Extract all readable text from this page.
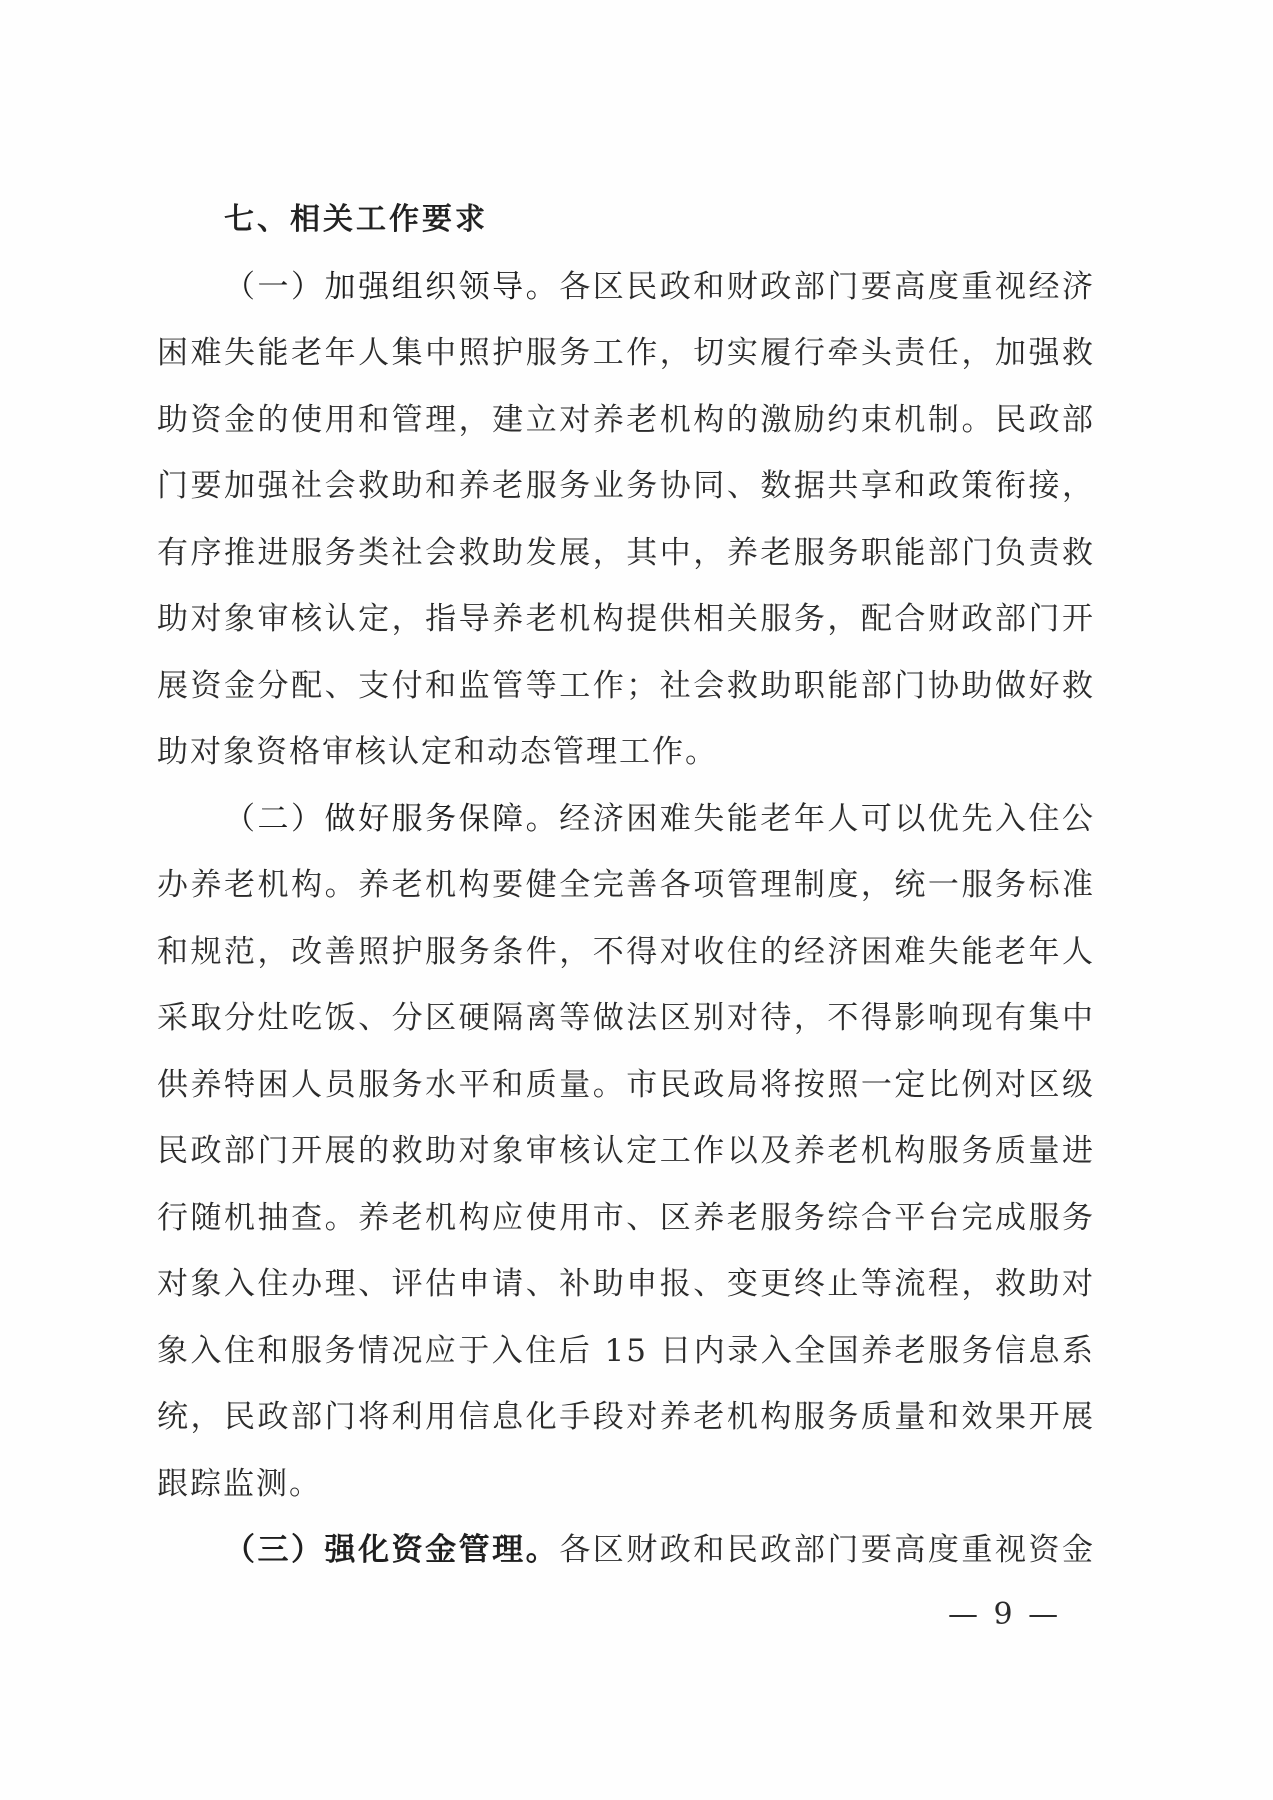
七、相关工作要求
（一）加强组织领导。各区民政和财政部门要高度重视经济
困难失能老年人集中照护服务工作，切实履行牵头责任，加强救
助资金的使用和管理，建立对养老机构的激励约束机制。民政部
门要加强社会救助和养老服务业务协同、数据共享和政策衔接，
有序推进服务类社会救助发展，其中，养老服务职能部门负责救
助对象审核认定，指导养老机构提供相关服务，配合财政部门开
展资金分配、支付和监管等工作；社会救助职能部门协助做好救
助对象资格审核认定和动态管理工作。
（二）做好服务保障。经济困难失能老年人可以优先入住公
办养老机构。养老机构要健全完善各项管理制度，统一服务标准
和规范，改善照护服务条件，不得对收住的经济困难失能老年人
采取分灶吃饭、分区硬隔离等做法区别对待，不得影响现有集中
供养特困人员服务水平和质量。市民政局将按照一定比例对区级
民政部门开展的救助对象审核认定工作以及养老机构服务质量进
行随机抽查。养老机构应使用市、区养老服务综合平台完成服务
对象入住办理、评估申请、补助申报、变更终止等流程，救助对
象入住和服务情况应于入住后 15 日内录入全国养老服务信息系
统，民政部门将利用信息化手段对养老机构服务质量和效果开展
跟踪监测。
（三）强化资金管理。各区财政和民政部门要高度重视资金
— 9 —
